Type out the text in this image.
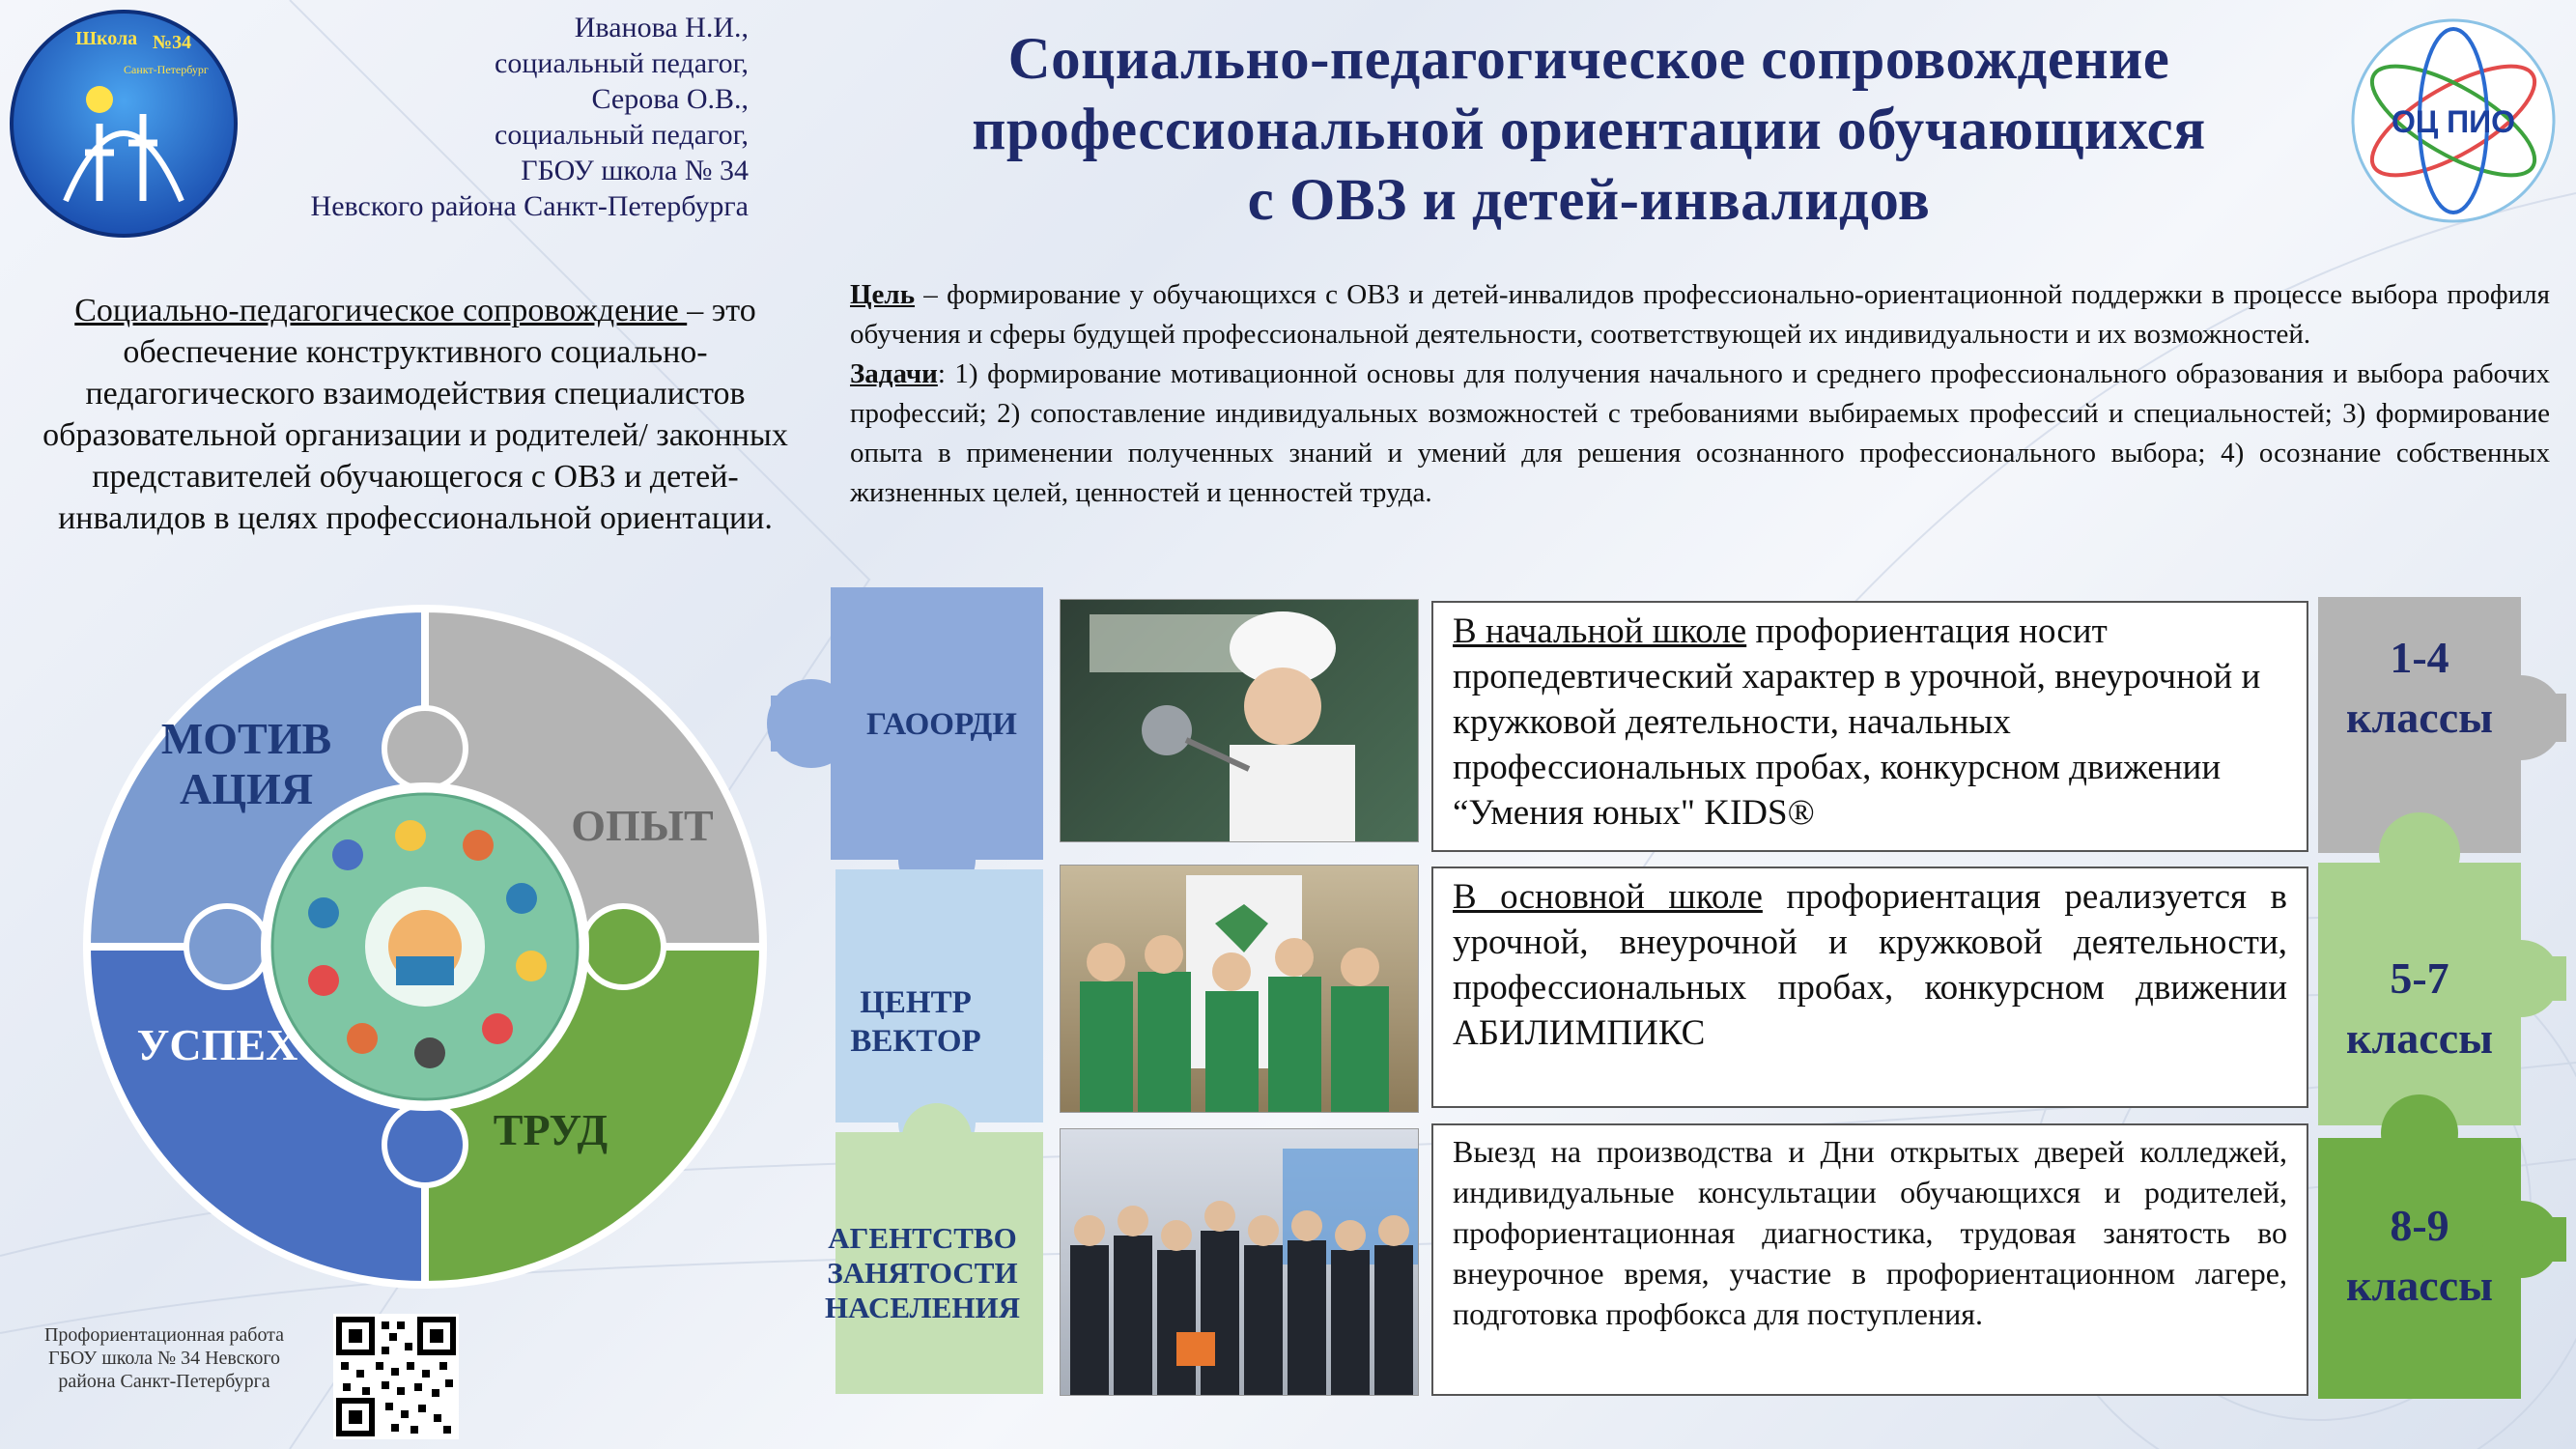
Школа №34
Санкт-Петербург
Иванова Н.И.,
социальный педагог,
Серова О.В.,
социальный педагог,
ГБОУ школа № 34
Невского района Санкт-Петербурга
Социально-педагогическое сопровождение
профессиональной ориентации обучающихся
с ОВЗ и детей-инвалидов
ОЦ ПИО
Социально-педагогическое сопровождение – это обеспечение конструктивного социально-педагогического взаимодействия специалистов образовательной организации и родителей/ законных представителей обучающегося с ОВЗ и детей-инвалидов в целях профессиональной ориентации.
Цель – формирование у обучающихся с ОВЗ и детей-инвалидов профессионально-ориентационной поддержки в процессе выбора профиля обучения и сферы будущей профессиональной деятельности, соответствующей их индивидуальности и их возможностей.
Задачи: 1) формирование мотивационной основы для получения начального и среднего профессионального образования и выбора рабочих профессий; 2) сопоставление индивидуальных возможностей с требованиями выбираемых профессий и специальностей; 3) формирование опыта в применении полученных знаний и умений для решения осознанного профессионального выбора; 4) осознание собственных жизненных целей, ценностей и ценностей труда.
МОТИВ
АЦИЯ
ОПЫТ
УСПЕХ
ТРУД
ГАООРДИ
ЦЕНТР
ВЕКТОР
АГЕНТСТВО
ЗАНЯТОСТИ
НАСЕЛЕНИЯ
В начальной школе профориентация носит пропедевтический характер в урочной, внеурочной и кружковой деятельности, начальных профессиональных пробах, конкурсном движении “Умения юных" KIDS®
В основной школе профориентация реализуется в урочной, внеурочной и кружковой деятельности, профессиональных пробах, конкурсном движении АБИЛИМПИКС
Выезд на производства и Дни открытых дверей колледжей, индивидуальные консультации обучающихся и родителей, профориентационная диагностика, трудовая занятость во внеурочное время, участие в профориентационном лагере, подготовка профбокса для поступления.
1-4
классы
5-7
классы
8-9
классы
Профориентационная работа ГБОУ школа № 34 Невского района Санкт-Петербурга
